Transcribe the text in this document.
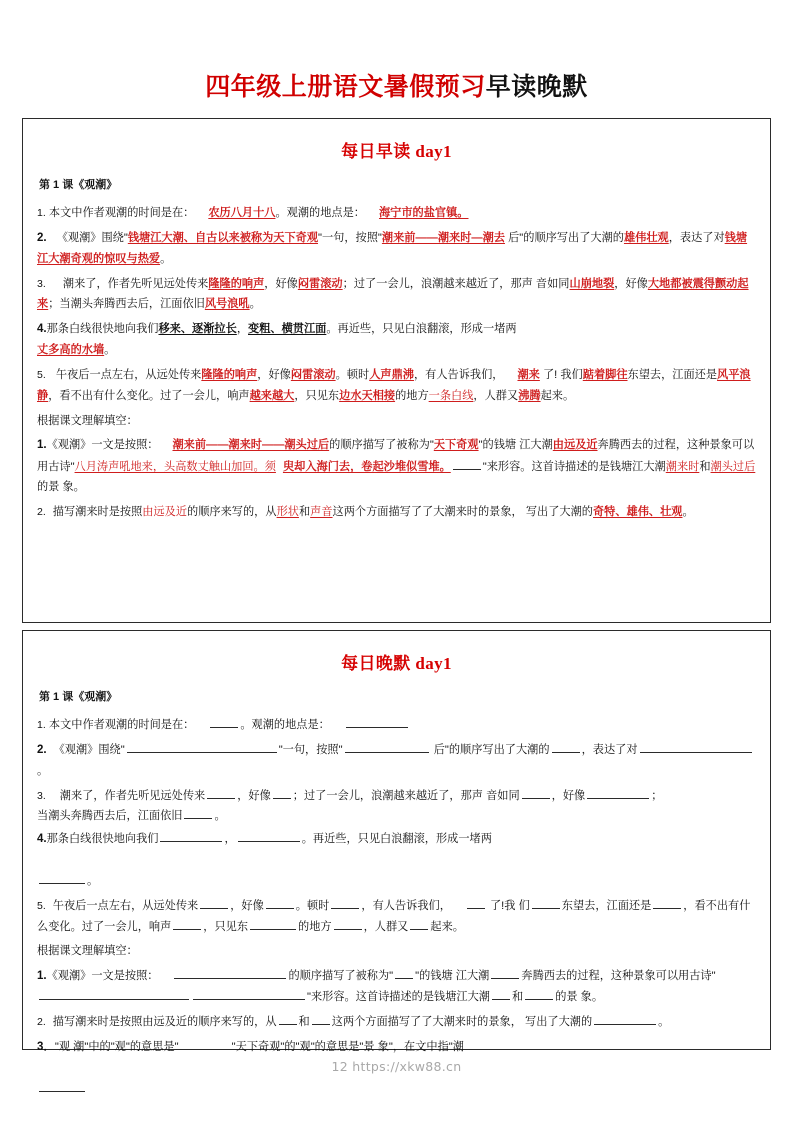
四年级上册语文暑假预习早读晚默
每日早读 day1
第 1 课《观潮》

1. 本文中作者观潮的时间是在： 农历八月十八。观潮的地点是： 海宁市的盐官镇。

2. 《观潮》围绕"钱塘江大潮、自古以来被称为天下奇观"一句，按照"潮来前——潮来时—潮去 后"的顺序写出了大潮的雄伟壮观，表达了对钱塘江大潮奇观的惊叹与热爱。

3. 潮来了，作者先听见远处传来隆隆的响声，好像闷雷滚动；过了一会儿，浪潮越来越近了，那声 音如同山崩地裂，好像大地都被震得颤动起来；当潮头奔腾西去后，江面依旧风号浪吼。

4.那条白线很快地向我们移来、逐渐拉长，变粗、横贯江面。再近些，只见白浪翻滚，形成一堵两
丈多高的水墙。

5. 午夜后一点左右，从远处传来隆隆的响声，好像闷雷滚动。顿时人声鼎沸，有人告诉我们， 潮来 了! 我们踮着脚往东望去，江面还是风平浪静，看不出有什么变化。过了一会儿，响声越来越大，只见东边水天相接的地方一条白线，人群又沸腾起来。

根据课文理解填空：

1.《观潮》一文是按照： 潮来前——潮来时——潮头过后的顺序描写了被称为"天下奇观"的钱塘 江大潮由远及近奔腾西去的过程，这种景象可以用古诗"八月涛声吼地来，头高数丈触山加回。须 臾却入海门去，卷起沙堆似雪堆。	"来形容。这首诗描述的是钱塘江大潮潮来时和潮头过后的景 象。

2. 描写潮来时是按照由远及近的顺序来写的，从形状和声音这两个方面描写了了大潮来时的景象， 写出了大潮的奇特、雄伟、壮观。

每日晚默 day1
第 1 课《观潮》

1. 本文中作者观潮的时间是在：	。观潮的地点是：

2. 《观潮》围绕"	"一句，按照"	后"的顺序写出了大潮的	，表达了对。

3. 潮来了，作者先听见远处传来	，好像 ；过了一会儿，浪潮越来越近了，那声 音如同	，好像	；
当潮头奔腾西去后，江面依旧	。

4.那条白线很快地向我们	，	。再近些，只见白浪翻滚，形成一堵两

。

5. 午夜后一点左右，从远处传来	，好像	。顿时	，有人告诉我们，	了!我 们	东望去，江面还是	，看不出有什么变化。过了一会儿，响声	，只见东	的地方	，人群又 起来。

根据课文理解填空：

1.《观潮》一文是按照：	的顺序描写了被称为" "的钱塘 江大潮	奔腾西去的过程，这种景象可以用古诗""来形容。这首诗描述的是钱塘江大潮 和	的景 象。

2. 描写潮来时是按照由远及近的顺序来写的，从 和 这两个方面描写了了大潮来时的景象， 写出了大潮的	。

3．"观 潮"中的"观"的意思是"	"天下奇观"的"观"的意思是"景 象"，在文中指"潮

12 https://xkw88.cn
